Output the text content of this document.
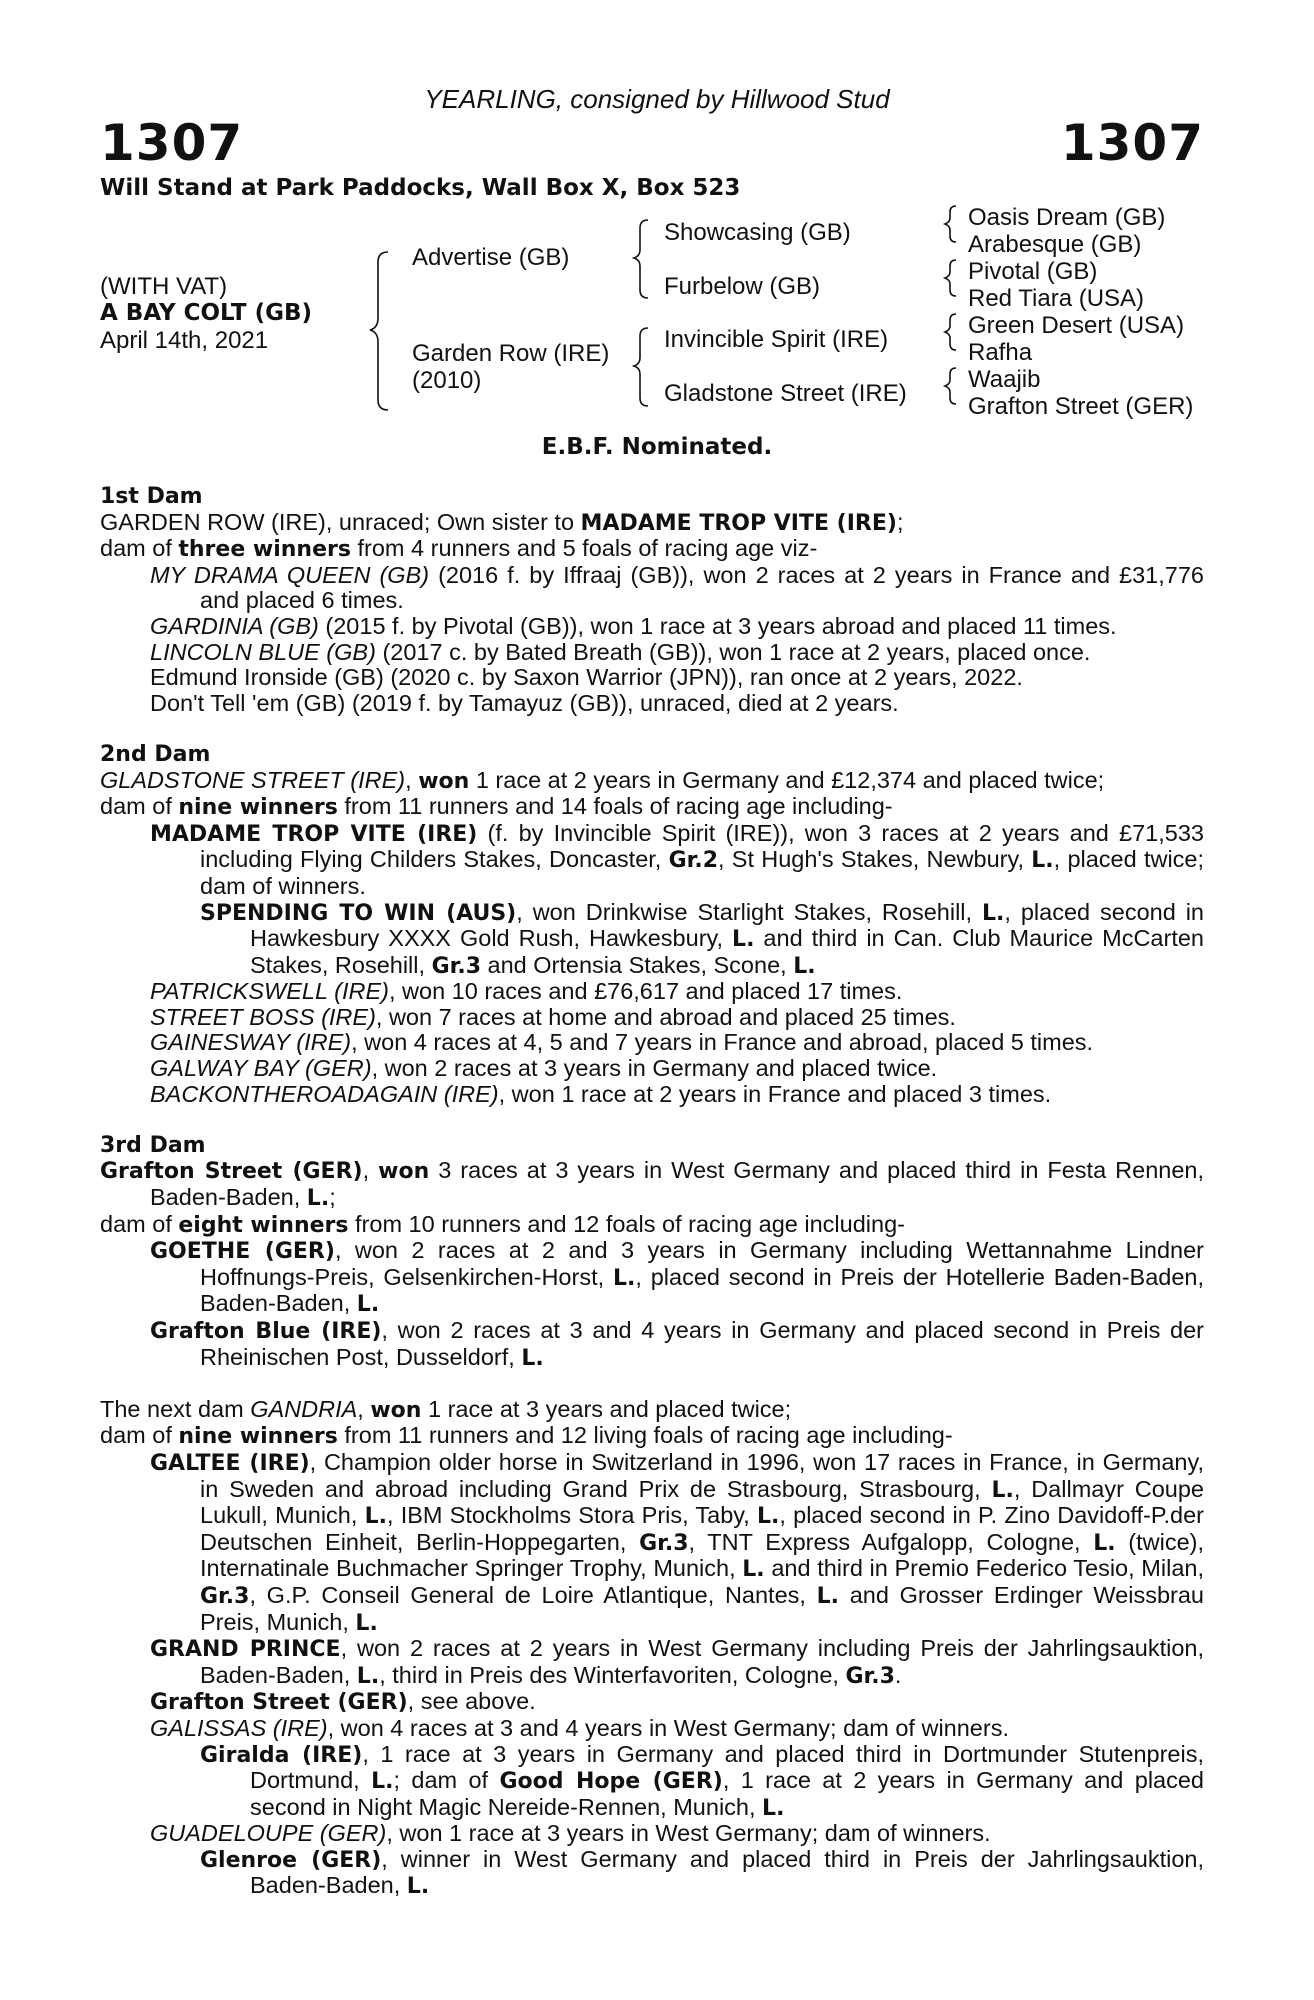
YEARLING, consigned by Hillwood Stud
1307	1307
Will Stand at Park Paddocks, Wall Box X, Box 523
(WITH VAT)
A BAY COLT (GB)
April 14th, 2021
Advertise (GB)
Garden Row (IRE)
(2010)
Showcasing (GB)
Furbelow (GB)
Invincible Spirit (IRE)
Gladstone Street (IRE)
Oasis Dream (GB)
Arabesque (GB)
Pivotal (GB)
Red Tiara (USA)
Green Desert (USA)
Rafha
Waajib
Grafton Street (GER)
E.B.F. Nominated.
1st Dam
GARDEN ROW (IRE), unraced; Own sister to MADAME TROP VITE (IRE);
dam of three winners from 4 runners and 5 foals of racing age viz-
MY DRAMA QUEEN (GB) (2016 f. by Iffraaj (GB)), won 2 races at 2 years in France and £31,776 and placed 6 times.
GARDINIA (GB) (2015 f. by Pivotal (GB)), won 1 race at 3 years abroad and placed 11 times.
LINCOLN BLUE (GB) (2017 c. by Bated Breath (GB)), won 1 race at 2 years, placed once.
Edmund Ironside (GB) (2020 c. by Saxon Warrior (JPN)), ran once at 2 years, 2022.
Don't Tell 'em (GB) (2019 f. by Tamayuz (GB)), unraced, died at 2 years.
2nd Dam
GLADSTONE STREET (IRE), won 1 race at 2 years in Germany and £12,374 and placed twice;
dam of nine winners from 11 runners and 14 foals of racing age including-
MADAME TROP VITE (IRE) (f. by Invincible Spirit (IRE)), won 3 races at 2 years and £71,533 including Flying Childers Stakes, Doncaster, Gr.2, St Hugh's Stakes, Newbury, L., placed twice; dam of winners.
SPENDING TO WIN (AUS), won Drinkwise Starlight Stakes, Rosehill, L., placed second in Hawkesbury XXXX Gold Rush, Hawkesbury, L. and third in Can. Club Maurice McCarten Stakes, Rosehill, Gr.3 and Ortensia Stakes, Scone, L.
PATRICKSWELL (IRE), won 10 races and £76,617 and placed 17 times.
STREET BOSS (IRE), won 7 races at home and abroad and placed 25 times.
GAINESWAY (IRE), won 4 races at 4, 5 and 7 years in France and abroad, placed 5 times.
GALWAY BAY (GER), won 2 races at 3 years in Germany and placed twice.
BACKONTHEROADAGAIN (IRE), won 1 race at 2 years in France and placed 3 times.
3rd Dam
Grafton Street (GER), won 3 races at 3 years in West Germany and placed third in Festa Rennen, Baden-Baden, L.;
dam of eight winners from 10 runners and 12 foals of racing age including-
GOETHE (GER), won 2 races at 2 and 3 years in Germany including Wettannahme Lindner Hoffnungs-Preis, Gelsenkirchen-Horst, L., placed second in Preis der Hotellerie Baden-Baden, Baden-Baden, L.
Grafton Blue (IRE), won 2 races at 3 and 4 years in Germany and placed second in Preis der Rheinischen Post, Dusseldorf, L.
The next dam GANDRIA, won 1 race at 3 years and placed twice;
dam of nine winners from 11 runners and 12 living foals of racing age including-
GALTEE (IRE), Champion older horse in Switzerland in 1996, won 17 races in France, in Germany, in Sweden and abroad including Grand Prix de Strasbourg, Strasbourg, L., Dallmayr Coupe Lukull, Munich, L., IBM Stockholms Stora Pris, Taby, L., placed second in P. Zino Davidoff-P.der Deutschen Einheit, Berlin-Hoppegarten, Gr.3, TNT Express Aufgalopp, Cologne, L. (twice), Internatinale Buchmacher Springer Trophy, Munich, L. and third in Premio Federico Tesio, Milan, Gr.3, G.P. Conseil General de Loire Atlantique, Nantes, L. and Grosser Erdinger Weissbrau Preis, Munich, L.
GRAND PRINCE, won 2 races at 2 years in West Germany including Preis der Jahrlingsauktion, Baden-Baden, L., third in Preis des Winterfavoriten, Cologne, Gr.3.
Grafton Street (GER), see above.
GALISSAS (IRE), won 4 races at 3 and 4 years in West Germany; dam of winners.
Giralda (IRE), 1 race at 3 years in Germany and placed third in Dortmunder Stutenpreis, Dortmund, L.; dam of Good Hope (GER), 1 race at 2 years in Germany and placed second in Night Magic Nereide-Rennen, Munich, L.
GUADELOUPE (GER), won 1 race at 3 years in West Germany; dam of winners.
Glenroe (GER), winner in West Germany and placed third in Preis der Jahrlingsauktion, Baden-Baden, L.
